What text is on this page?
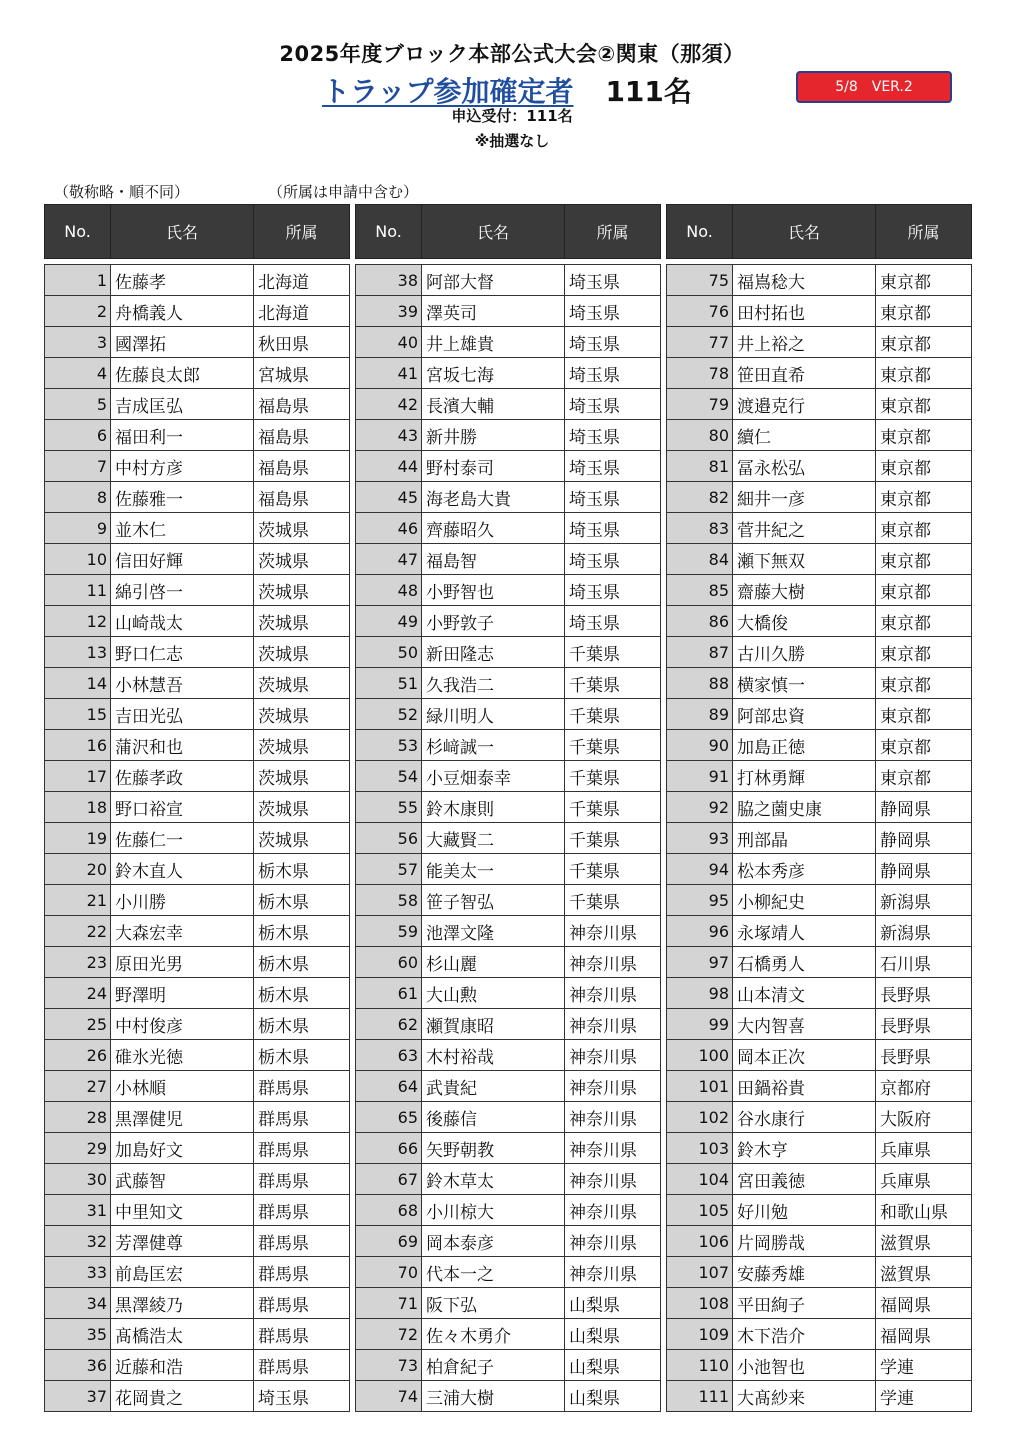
2025年度ブロック本部公式大会②関東（那須）
トラップ参加確定者 111名	5/8　VER.2
申込受付：111名
※抽選なし
（敬称略・順不同）	（所属は申請中含む）
No.	氏名	所属

1	佐藤孝	北海道
2	舟橋義人	北海道
3	國澤拓	秋田県
4	佐藤良太郎	宮城県
5	吉成匡弘	福島県
6	福田利一	福島県
7	中村方彦	福島県
8	佐藤雅一	福島県
9	並木仁	茨城県
10	信田好輝	茨城県
11	綿引啓一	茨城県
12	山崎哉太	茨城県
13	野口仁志	茨城県
14	小林慧吾	茨城県
15	吉田光弘	茨城県
16	蒲沢和也	茨城県
17	佐藤孝政	茨城県
18	野口裕宣	茨城県
19	佐藤仁一	茨城県
20	鈴木直人	栃木県
21	小川勝	栃木県
22	大森宏幸	栃木県
23	原田光男	栃木県
24	野澤明	栃木県
25	中村俊彦	栃木県
26	碓氷光徳	栃木県
27	小林順	群馬県
28	黒澤健児	群馬県
29	加島好文	群馬県
30	武藤智	群馬県
31	中里知文	群馬県
32	芳澤健尊	群馬県
33	前島匡宏	群馬県
34	黒澤綾乃	群馬県
35	髙橋浩太	群馬県
36	近藤和浩	群馬県
37	花岡貴之	埼玉県
No.	氏名	所属

38	阿部大督	埼玉県
39	澤英司	埼玉県
40	井上雄貴	埼玉県
41	宮坂七海	埼玉県
42	長濱大輔	埼玉県
43	新井勝	埼玉県
44	野村泰司	埼玉県
45	海老島大貴	埼玉県
46	齊藤昭久	埼玉県
47	福島智	埼玉県
48	小野智也	埼玉県
49	小野敦子	埼玉県
50	新田隆志	千葉県
51	久我浩二	千葉県
52	緑川明人	千葉県
53	杉﨑誠一	千葉県
54	小豆畑泰幸	千葉県
55	鈴木康則	千葉県
56	大藏賢二	千葉県
57	能美太一	千葉県
58	笹子智弘	千葉県
59	池澤文隆	神奈川県
60	杉山麗	神奈川県
61	大山勲	神奈川県
62	瀬賀康昭	神奈川県
63	木村裕哉	神奈川県
64	武貴紀	神奈川県
65	後藤信	神奈川県
66	矢野朝教	神奈川県
67	鈴木草太	神奈川県
68	小川椋大	神奈川県
69	岡本泰彦	神奈川県
70	代本一之	神奈川県
71	阪下弘	山梨県
72	佐々木勇介	山梨県
73	柏倉紀子	山梨県
74	三浦大樹	山梨県
No.	氏名	所属

75	福嶌稔大	東京都
76	田村拓也	東京都
77	井上裕之	東京都
78	笹田直希	東京都
79	渡邉克行	東京都
80	續仁	東京都
81	冨永松弘	東京都
82	細井一彦	東京都
83	菅井紀之	東京都
84	瀬下無双	東京都
85	齋藤大樹	東京都
86	大橋俊	東京都
87	古川久勝	東京都
88	横家慎一	東京都
89	阿部忠資	東京都
90	加島正徳	東京都
91	打林勇輝	東京都
92	脇之薗史康	静岡県
93	刑部晶	静岡県
94	松本秀彦	静岡県
95	小柳紀史	新潟県
96	永塚靖人	新潟県
97	石橋勇人	石川県
98	山本清文	長野県
99	大内智喜	長野県
100	岡本正次	長野県
101	田鍋裕貴	京都府
102	谷水康行	大阪府
103	鈴木亨	兵庫県
104	宮田義徳	兵庫県
105	好川勉	和歌山県
106	片岡勝哉	滋賀県
107	安藤秀雄	滋賀県
108	平田絢子	福岡県
109	木下浩介	福岡県
110	小池智也	学連
111	大髙紗来	学連
